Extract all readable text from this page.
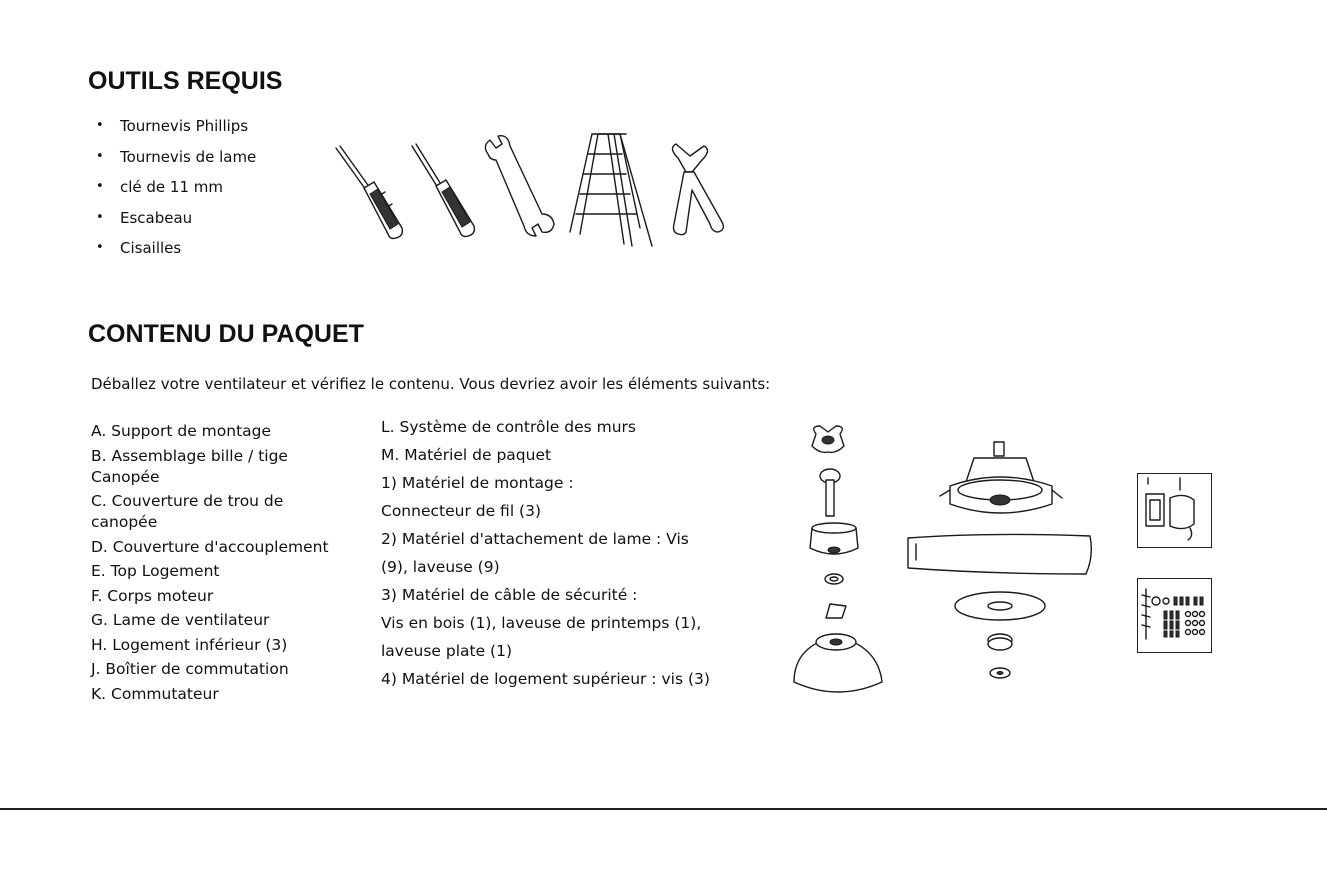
OUTILS REQUIS
•	Tournevis Phillips
•	Tournevis de lame
•	clé de 11 mm
•	Escabeau
•	Cisailles
CONTENU DU PAQUET

Déballez votre ventilateur et vérifiez le contenu. Vous devriez avoir les éléments suivants:

A. Support de montage
B. Assemblage bille / tige Canopée
C. Couverture de trou de canopée
D. Couverture d'accouplement
E. Top Logement
F. Corps moteur
G. Lame de ventilateur
H. Logement inférieur (3)
J. Boîtier de commutation
K. Commutateur
L. Système de contrôle des murs
M. Matériel de paquet
1) Matériel de montage :
Connecteur de fil (3)
2) Matériel d'attachement de lame : Vis
(9), laveuse (9)
3) Matériel de câble de sécurité :
Vis en bois (1), laveuse de printemps (1),
laveuse plate (1)
4) Matériel de logement supérieur : vis (3)
